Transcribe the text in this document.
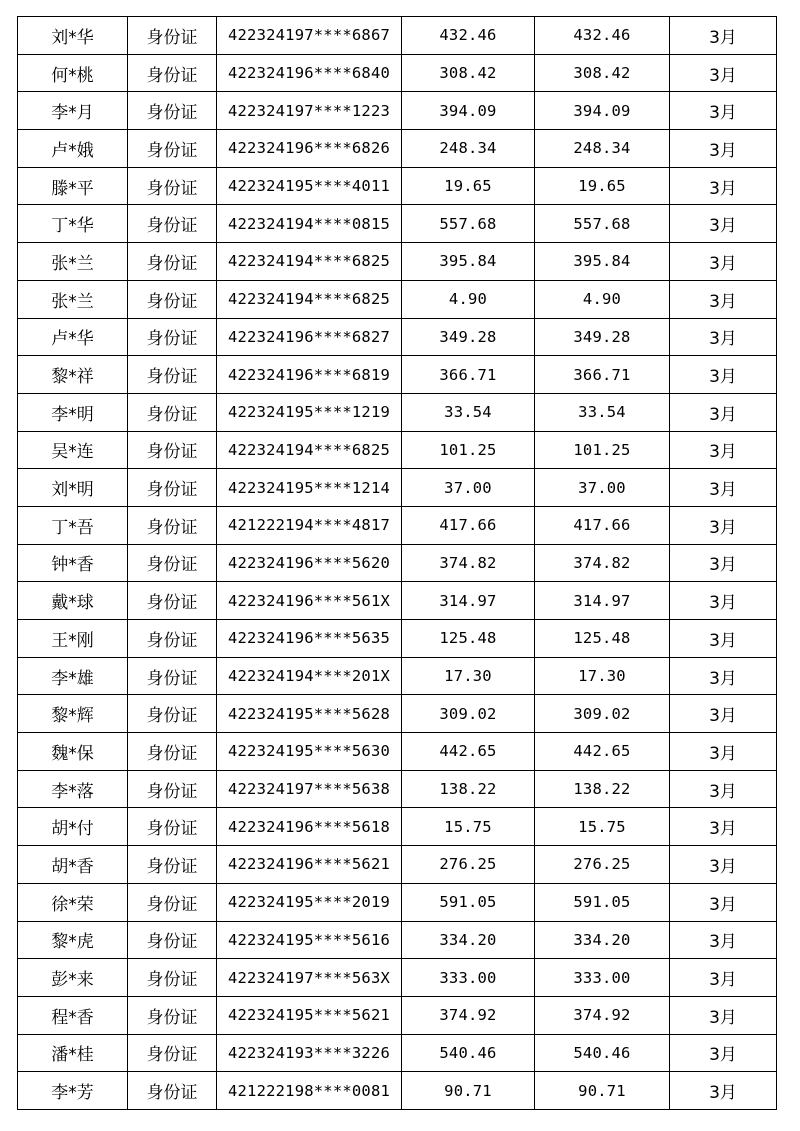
刘*华	身份证	422324197****6867	432.46	432.46	3月
何*桃	身份证	422324196****6840	308.42	308.42	3月
李*月	身份证	422324197****1223	394.09	394.09	3月
卢*娥	身份证	422324196****6826	248.34	248.34	3月
滕*平	身份证	422324195****4011	19.65	19.65	3月
丁*华	身份证	422324194****0815	557.68	557.68	3月
张*兰	身份证	422324194****6825	395.84	395.84	3月
张*兰	身份证	422324194****6825	4.90	4.90	3月
卢*华	身份证	422324196****6827	349.28	349.28	3月
黎*祥	身份证	422324196****6819	366.71	366.71	3月
李*明	身份证	422324195****1219	33.54	33.54	3月
吴*连	身份证	422324194****6825	101.25	101.25	3月
刘*明	身份证	422324195****1214	37.00	37.00	3月
丁*吾	身份证	421222194****4817	417.66	417.66	3月
钟*香	身份证	422324196****5620	374.82	374.82	3月
戴*球	身份证	422324196****561X	314.97	314.97	3月
王*刚	身份证	422324196****5635	125.48	125.48	3月
李*雄	身份证	422324194****201X	17.30	17.30	3月
黎*辉	身份证	422324195****5628	309.02	309.02	3月
魏*保	身份证	422324195****5630	442.65	442.65	3月
李*落	身份证	422324197****5638	138.22	138.22	3月
胡*付	身份证	422324196****5618	15.75	15.75	3月
胡*香	身份证	422324196****5621	276.25	276.25	3月
徐*荣	身份证	422324195****2019	591.05	591.05	3月
黎*虎	身份证	422324195****5616	334.20	334.20	3月
彭*来	身份证	422324197****563X	333.00	333.00	3月
程*香	身份证	422324195****5621	374.92	374.92	3月
潘*桂	身份证	422324193****3226	540.46	540.46	3月
李*芳	身份证	421222198****0081	90.71	90.71	3月
